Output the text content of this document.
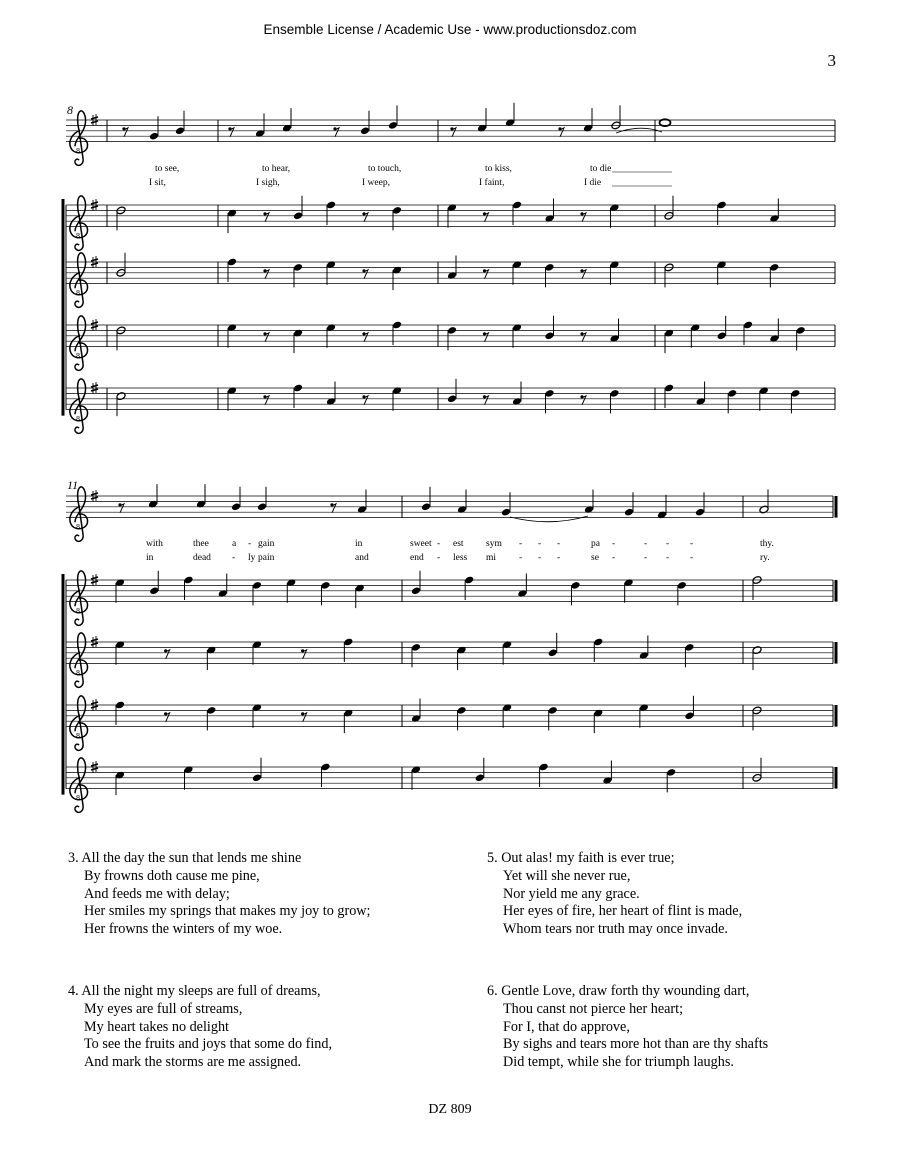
Ensemble License / Academic Use - www.productionsdoz.com
3
8
8
to see,	to hear,	to touch,	to kiss,	to die
I sit,	I sigh,	I weep,	I faint,	I die
8
8
8
8
11
8
with	thee a - gain	in	sweet - est sym - - -	pa -	- - -	thy.
in	dead - ly pain	and	end - less mi - - -	se -	- - -	ry.
8
8
8
8
3. All the day the sun that lends me shine
By frowns doth cause me pine,
And feeds me with delay;
Her smiles my springs that makes my joy to grow;
Her frowns the winters of my woe.
5. Out alas! my faith is ever true;
Yet will she never rue,
Nor yield me any grace.
Her eyes of fire, her heart of flint is made,
Whom tears nor truth may once invade.
4. All the night my sleeps are full of dreams,
My eyes are full of streams,
My heart takes no delight
To see the fruits and joys that some do find,
And mark the storms are me assigned.
6. Gentle Love, draw forth thy wounding dart,
Thou canst not pierce her heart;
For I, that do approve,
By sighs and tears more hot than are thy shafts
Did tempt, while she for triumph laughs.
DZ 809
